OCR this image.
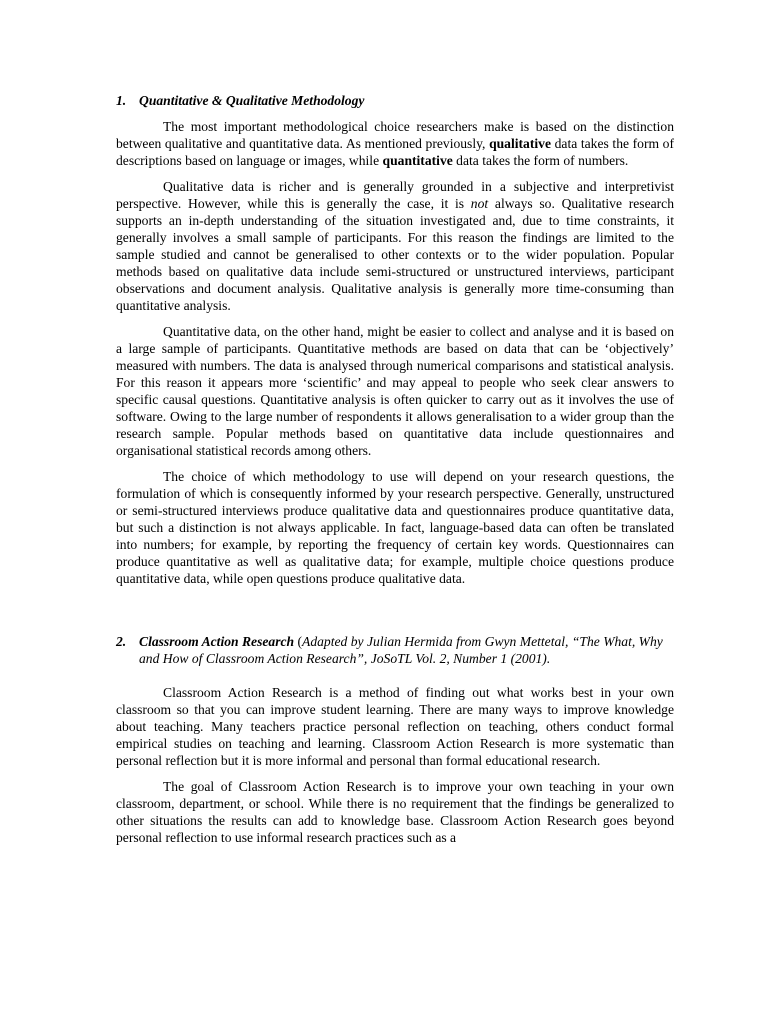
1. Quantitative & Qualitative Methodology

The most important methodological choice researchers make is based on the distinction between qualitative and quantitative data. As mentioned previously, qualitative data takes the form of descriptions based on language or images, while quantitative data takes the form of numbers.

Qualitative data is richer and is generally grounded in a subjective and interpretivist perspective. However, while this is generally the case, it is not always so. Qualitative research supports an in-depth understanding of the situation investigated and, due to time constraints, it generally involves a small sample of participants. For this reason the findings are limited to the sample studied and cannot be generalised to other contexts or to the wider population. Popular methods based on qualitative data include semi-structured or unstructured interviews, participant observations and document analysis. Qualitative analysis is generally more time-consuming than quantitative analysis.

Quantitative data, on the other hand, might be easier to collect and analyse and it is based on a large sample of participants. Quantitative methods are based on data that can be ‘objectively’ measured with numbers. The data is analysed through numerical comparisons and statistical analysis. For this reason it appears more ‘scientific’ and may appeal to people who seek clear answers to specific causal questions. Quantitative analysis is often quicker to carry out as it involves the use of software. Owing to the large number of respondents it allows generalisation to a wider group than the research sample. Popular methods based on quantitative data include questionnaires and organisational statistical records among others.

The choice of which methodology to use will depend on your research questions, the formulation of which is consequently informed by your research perspective. Generally, unstructured or semi-structured interviews produce qualitative data and questionnaires produce quantitative data, but such a distinction is not always applicable. In fact, language-based data can often be translated into numbers; for example, by reporting the frequency of certain key words. Questionnaires can produce quantitative as well as qualitative data; for example, multiple choice questions produce quantitative data, while open questions produce qualitative data.

2. Classroom Action Research (Adapted by Julian Hermida from Gwyn Mettetal, “The What, Why and How of Classroom Action Research”, JoSoTL Vol. 2, Number 1 (2001).

Classroom Action Research is a method of finding out what works best in your own classroom so that you can improve student learning. There are many ways to improve knowledge about teaching. Many teachers practice personal reflection on teaching, others conduct formal empirical studies on teaching and learning. Classroom Action Research is more systematic than personal reflection but it is more informal and personal than formal educational research.

The goal of Classroom Action Research is to improve your own teaching in your own classroom, department, or school. While there is no requirement that the findings be generalized to other situations the results can add to knowledge base. Classroom Action Research goes beyond personal reflection to use informal research practices such as a
